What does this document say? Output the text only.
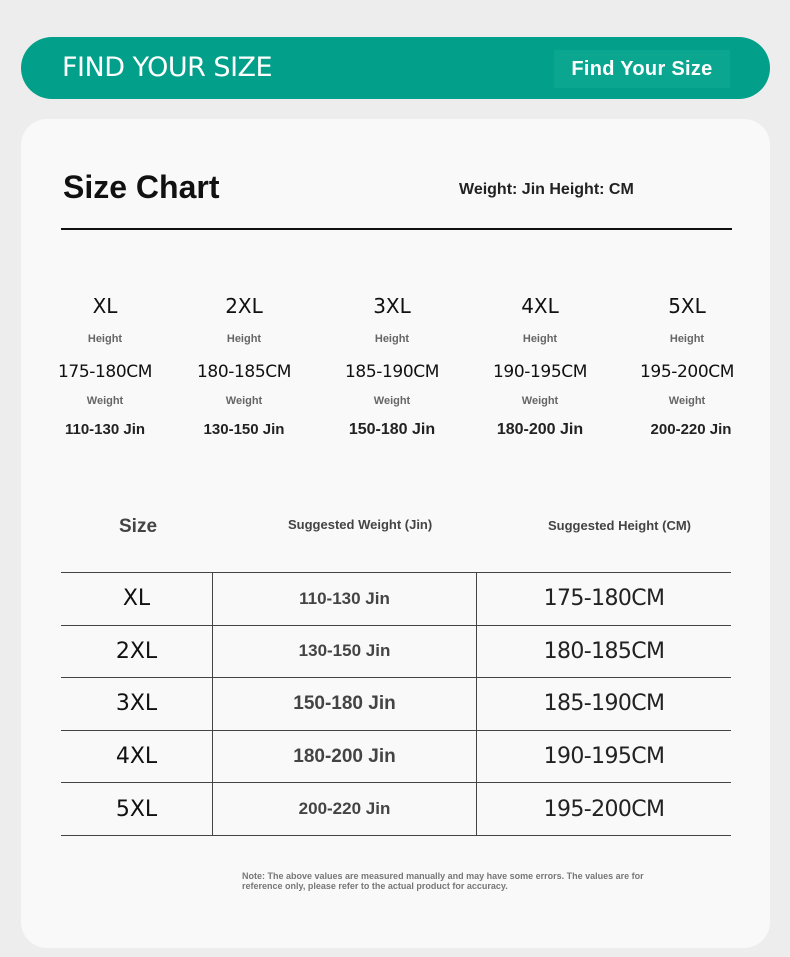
FIND YOUR SIZE	Find Your Size
Size Chart	Weight: Jin Height: CM
XL
Height
175-180CM
Weight
110-130 Jin
2XL
Height
180-185CM
Weight
130-150 Jin
3XL
Height
185-190CM
Weight
150-180 Jin
4XL
Height
190-195CM
Weight
180-200 Jin
5XL
Height
195-200CM
Weight
200-220 Jin
Size	Suggested Weight (Jin)	Suggested Height (CM)
XL	110-130 Jin	175-180CM
2XL	130-150 Jin	180-185CM
3XL	150-180 Jin	185-190CM
4XL	180-200 Jin	190-195CM
5XL	200-220 Jin	195-200CM
Note: The above values are measured manually and may have some errors. The values are for reference only, please refer to the actual product for accuracy.
